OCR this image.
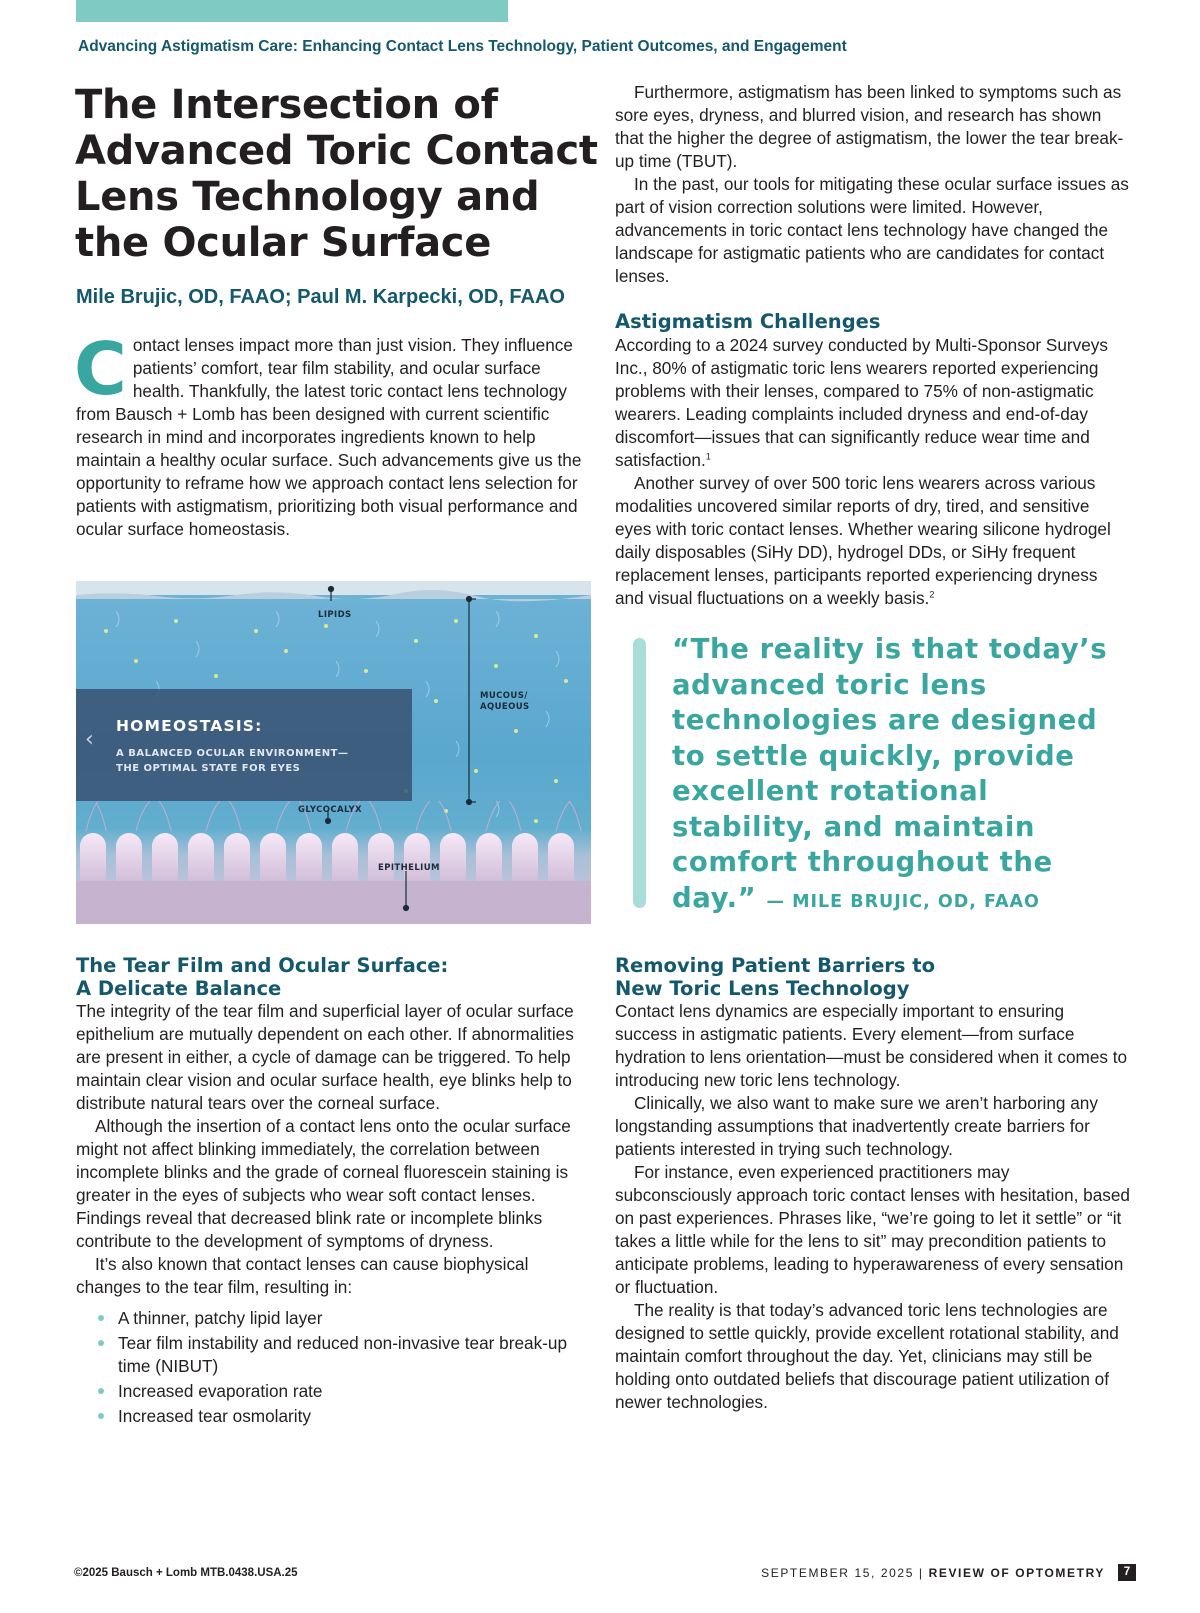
Advancing Astigmatism Care: Enhancing Contact Lens Technology, Patient Outcomes, and Engagement
The Intersection of Advanced Toric Contact Lens Technology and the Ocular Surface
Mile Brujic, OD, FAAO; Paul M. Karpecki, OD, FAAO
Contact lenses impact more than just vision. They influence patients’ comfort, tear film stability, and ocular surface health. Thankfully, the latest toric contact lens technology from Bausch + Lomb has been designed with current scientific research in mind and incorporates ingredients known to help maintain a healthy ocular surface. Such advancements give us the opportunity to reframe how we approach contact lens selection for patients with astigmatism, prioritizing both visual performance and ocular surface homeostasis.
LIPIDS
MUCOUS/
AQUEOUS
GLYCOCALYX
EPITHELIUM
‹
HOMEOSTASIS:
A BALANCED OCULAR ENVIRONMENT—
THE OPTIMAL STATE FOR EYES
The Tear Film and Ocular Surface:
A Delicate Balance

The integrity of the tear film and superficial layer of ocular surface epithelium are mutually dependent on each other. If abnormalities are present in either, a cycle of damage can be triggered. To help maintain clear vision and ocular surface health, eye blinks help to distribute natural tears over the corneal surface.

Although the insertion of a contact lens onto the ocular surface might not affect blinking immediately, the correlation between incomplete blinks and the grade of corneal fluorescein staining is greater in the eyes of subjects who wear soft contact lenses. Findings reveal that decreased blink rate or incomplete blinks contribute to the development of symptoms of dryness.

It’s also known that contact lenses can cause biophysical changes to the tear film, resulting in:

A thinner, patchy lipid layer
Tear film instability and reduced non-invasive tear break-up time (NIBUT)
Increased evaporation rate
Increased tear osmolarity

Furthermore, astigmatism has been linked to symptoms such as sore eyes, dryness, and blurred vision, and research has shown that the higher the degree of astigmatism, the lower the tear break-up time (TBUT).

In the past, our tools for mitigating these ocular surface issues as part of vision correction solutions were limited. However, advancements in toric contact lens technology have changed the landscape for astigmatic patients who are candidates for contact lenses.

Astigmatism Challenges

According to a 2024 survey conducted by Multi-Sponsor Surveys Inc., 80% of astigmatic toric lens wearers reported experiencing problems with their lenses, compared to 75% of non-astigmatic wearers. Leading complaints included dryness and end-of-day discomfort—issues that can significantly reduce wear time and satisfaction.$^1$

Another survey of over 500 toric lens wearers across various modalities uncovered similar reports of dry, tired, and sensitive eyes with toric contact lenses. Whether wearing silicone hydrogel daily disposables (SiHy DD), hydrogel DDs, or SiHy frequent replacement lenses, participants reported experiencing dryness and visual fluctuations on a weekly basis.$^2$

“The reality is that today’s advanced toric lens technologies are designed to settle quickly, provide excellent rotational stability, and maintain comfort throughout the day.” — MILE BRUJIC, OD, FAAO
Removing Patient Barriers to
New Toric Lens Technology

Contact lens dynamics are especially important to ensuring success in astigmatic patients. Every element—from surface hydration to lens orientation—must be considered when it comes to introducing new toric lens technology.

Clinically, we also want to make sure we aren’t harboring any longstanding assumptions that inadvertently create barriers for patients interested in trying such technology.

For instance, even experienced practitioners may subconsciously approach toric contact lenses with hesitation, based on past experiences. Phrases like, “we’re going to let it settle” or “it takes a little while for the lens to sit” may precondition patients to anticipate problems, leading to hyperawareness of every sensation or fluctuation.

The reality is that today’s advanced toric lens technologies are designed to settle quickly, provide excellent rotational stability, and maintain comfort throughout the day. Yet, clinicians may still be holding onto outdated beliefs that discourage patient utilization of newer technologies.

©2025 Bausch + Lomb MTB.0438.USA.25	SEPTEMBER 15, 2025 | REVIEW OF OPTOMETRY	7
